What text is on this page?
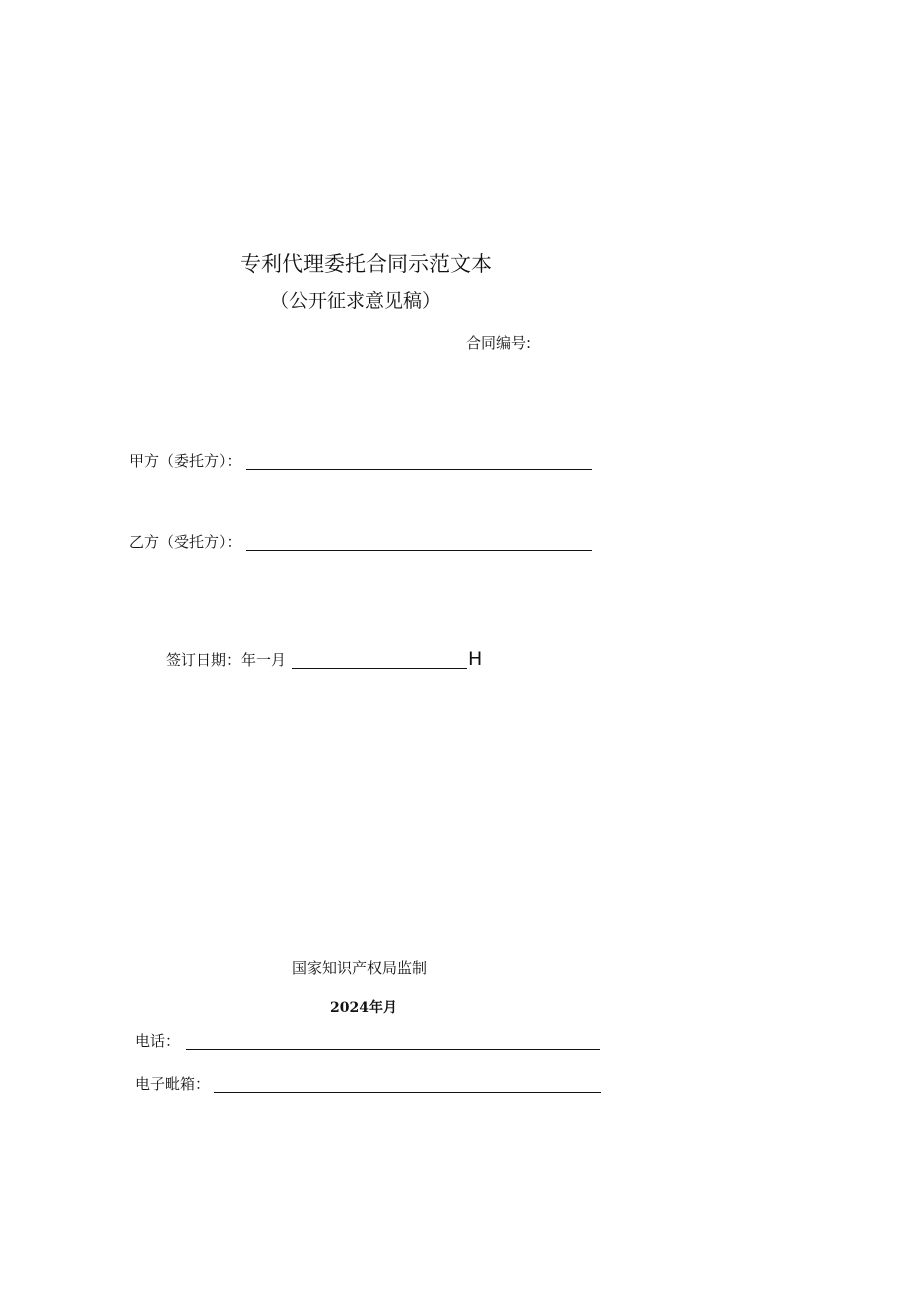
专利代理委托合同示范文本
（公开征求意见稿）
合同编号:
甲方（委托方）：
乙方（受托方）：
签订日期：年一月	H
国家知识产权局监制
2024年月
电话：
电子毗箱：
